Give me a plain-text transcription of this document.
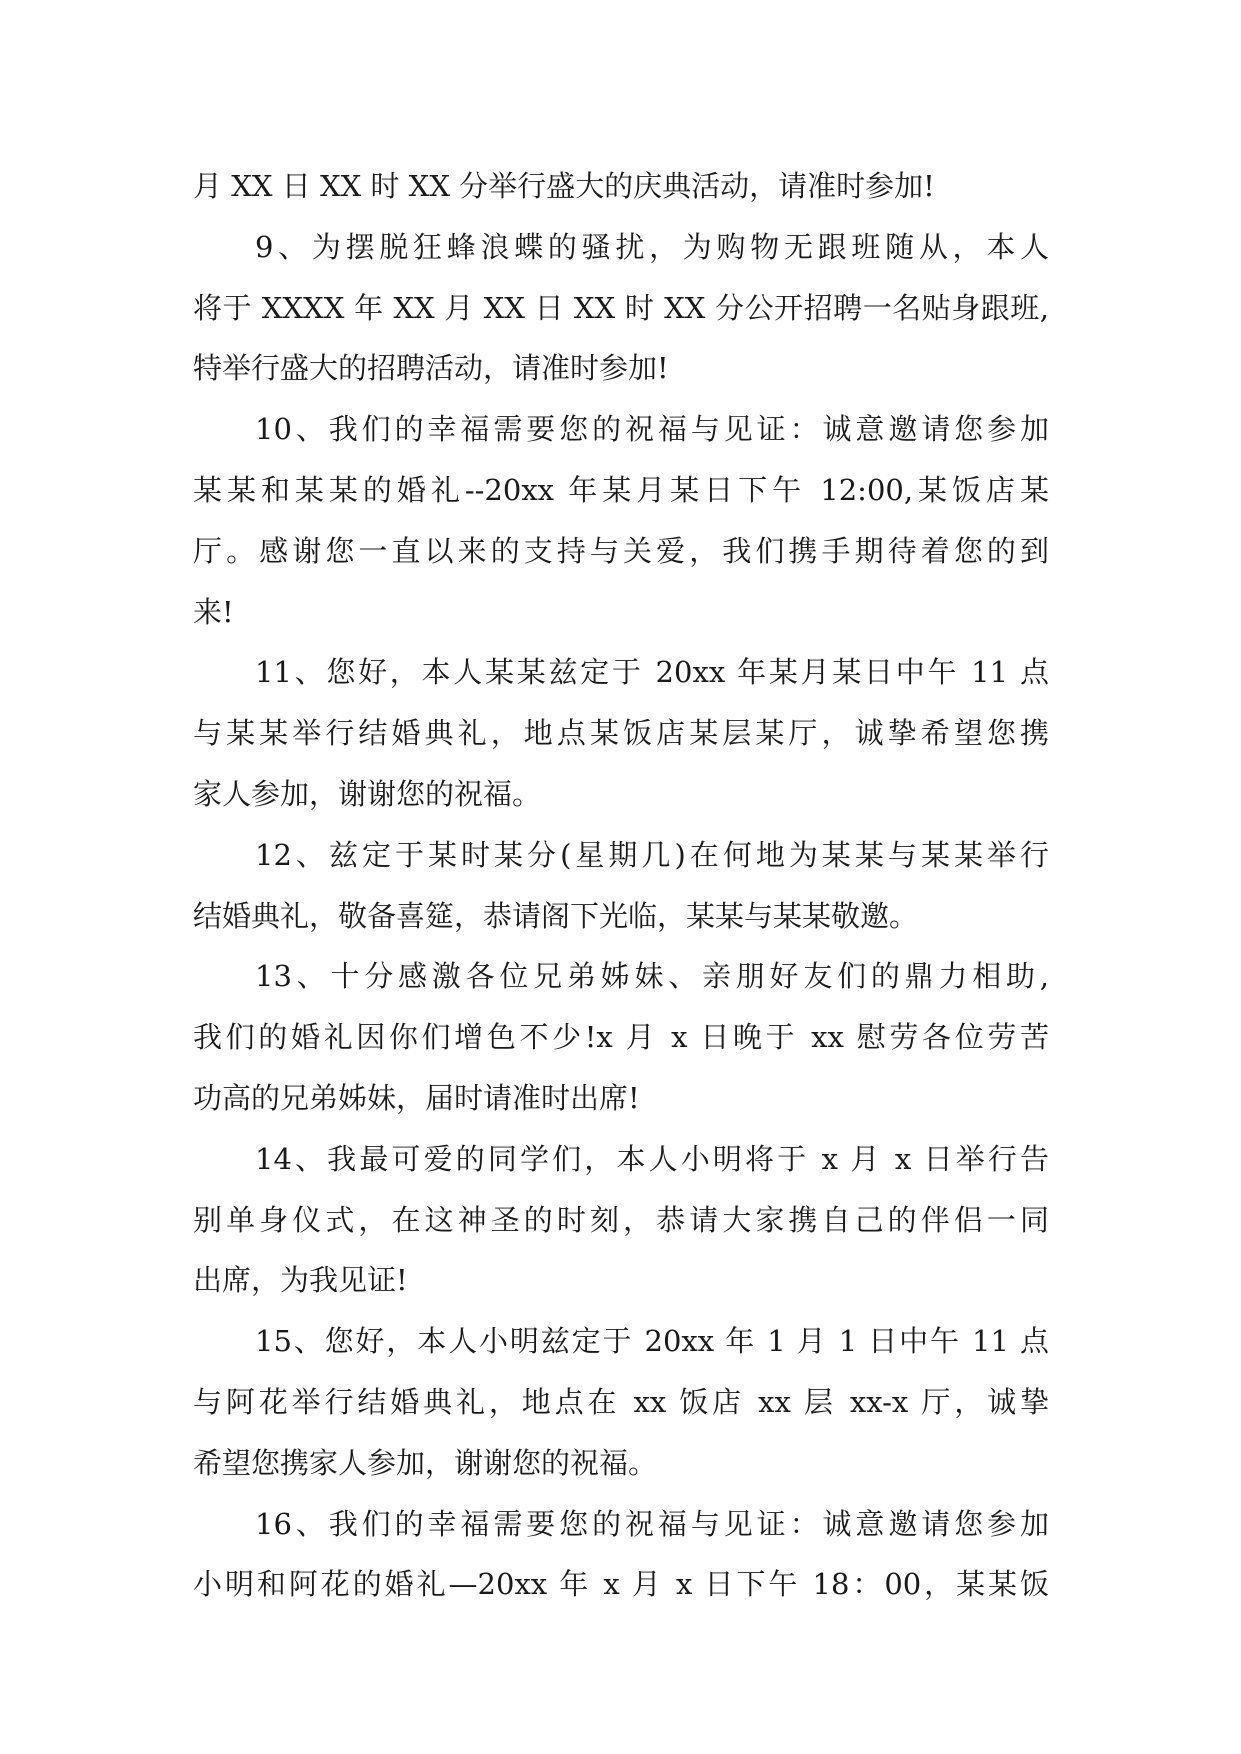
月 XX 日 XX 时 XX 分举行盛大的庆典活动，请准时参加!
9、为摆脱狂蜂浪蝶的骚扰，为购物无跟班随从，本人
将于 XXXX 年 XX 月 XX 日 XX 时 XX 分公开招聘一名贴身跟班,
特举行盛大的招聘活动，请准时参加!
10、我们的幸福需要您的祝福与见证：诚意邀请您参加
某某和某某的婚礼--20xx 年某月某日下午 12:00,某饭店某
厅。感谢您一直以来的支持与关爱，我们携手期待着您的到
来!
11、您好，本人某某兹定于 20xx 年某月某日中午 11 点
与某某举行结婚典礼，地点某饭店某层某厅，诚挚希望您携
家人参加，谢谢您的祝福。
12、兹定于某时某分(星期几)在何地为某某与某某举行
结婚典礼，敬备喜筵，恭请阁下光临，某某与某某敬邀。
13、十分感激各位兄弟姊妹、亲朋好友们的鼎力相助,
我们的婚礼因你们增色不少!x 月 x 日晚于 xx 慰劳各位劳苦
功高的兄弟姊妹，届时请准时出席!
14、我最可爱的同学们，本人小明将于 x 月 x 日举行告
别单身仪式，在这神圣的时刻，恭请大家携自己的伴侣一同
出席，为我见证!
15、您好，本人小明兹定于 20xx 年 1 月 1 日中午 11 点
与阿花举行结婚典礼，地点在 xx 饭店 xx 层 xx-x 厅，诚挚
希望您携家人参加，谢谢您的祝福。
16、我们的幸福需要您的祝福与见证：诚意邀请您参加
小明和阿花的婚礼—20xx 年 x 月 x 日下午 18：00，某某饭
